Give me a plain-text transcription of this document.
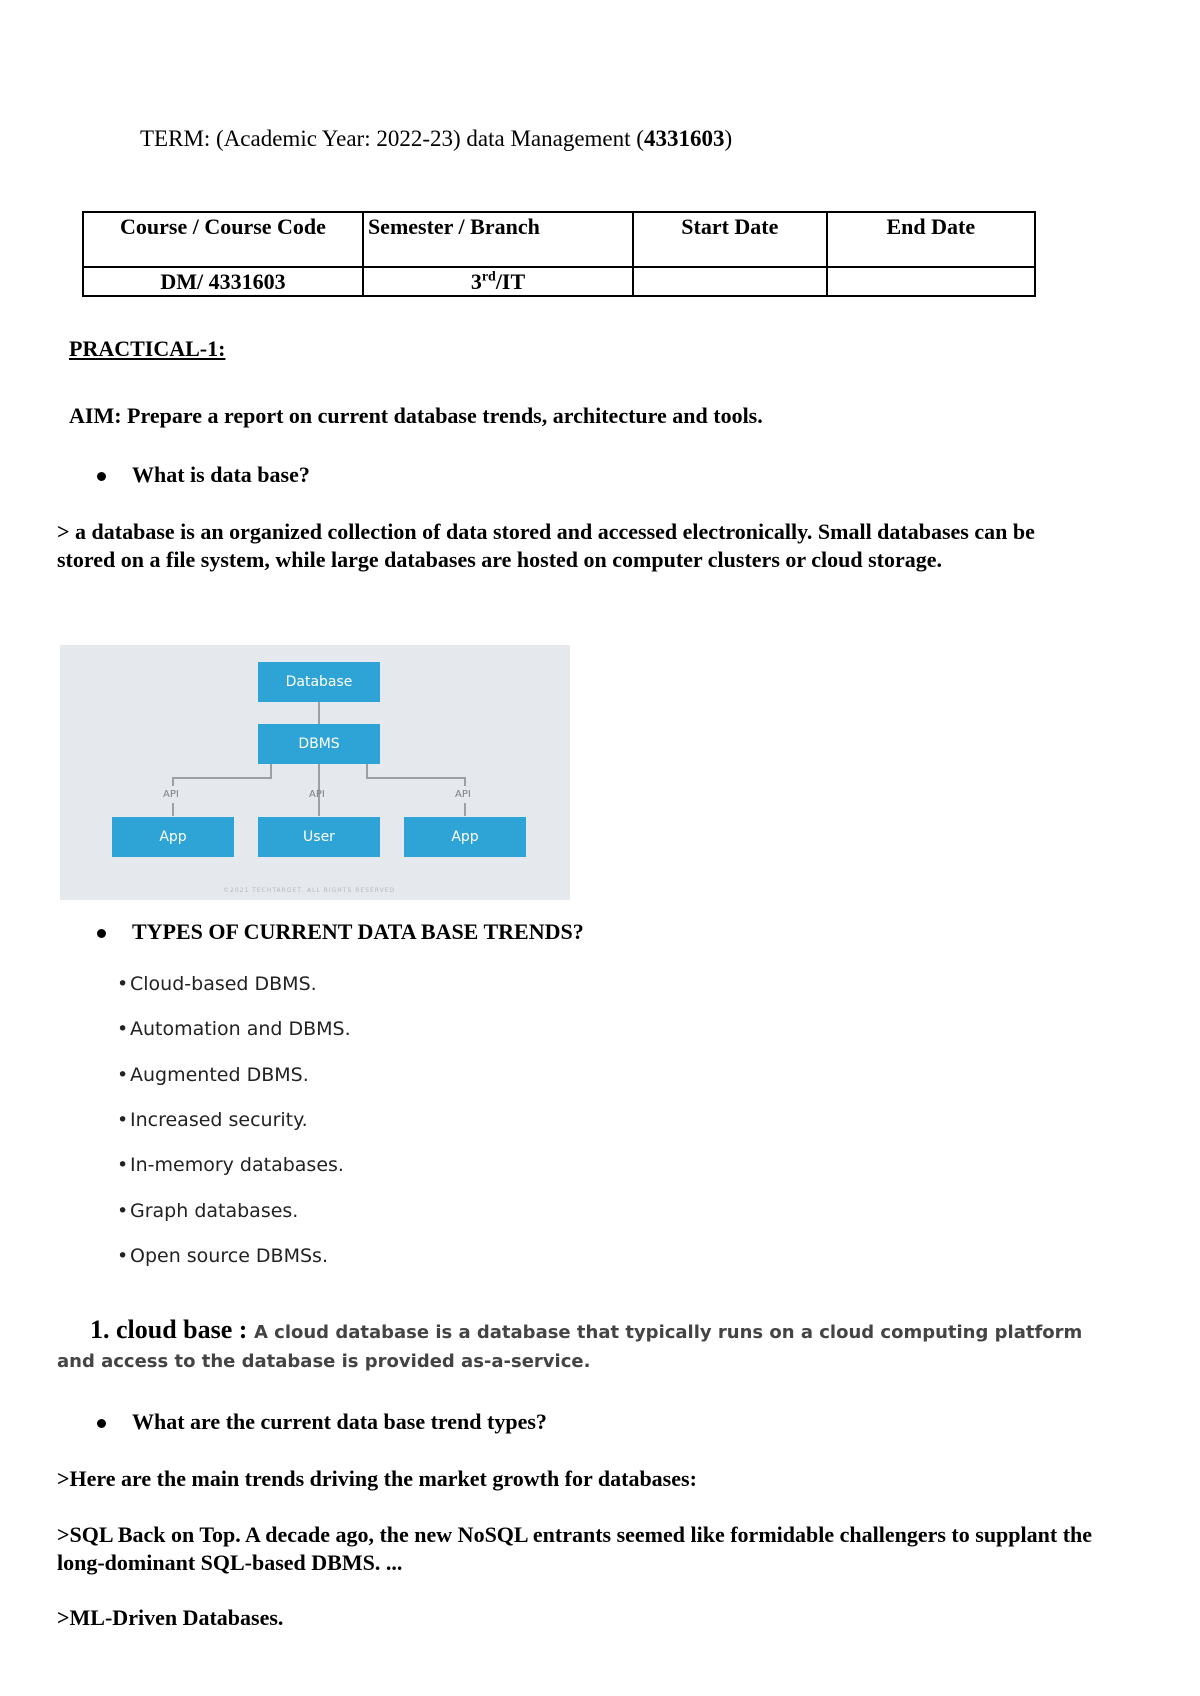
TERM: (Academic Year: 2022-23) data Management (4331603)
Course / Course Code	Semester / Branch	Start Date	End Date
DM/ 4331603	3rd/IT		
PRACTICAL-1:
AIM: Prepare a report on current database trends, architecture and tools.
What is data base?
> a database is an organized collection of data stored and accessed electronically. Small databases can be stored on a file system, while large databases are hosted on computer clusters or cloud storage.
Database
DBMS
API	API	API
App	User	App
©2021 TECHTARGET. ALL RIGHTS RESERVED
TYPES OF CURRENT DATA BASE TRENDS?
• Cloud-based DBMS.
• Automation and DBMS.
• Augmented DBMS.
• Increased security.
• In-memory databases.
• Graph databases.
• Open source DBMSs.
1. cloud base : A cloud database is a database that typically runs on a cloud computing platform and access to the database is provided as-a-service.
What are the current data base trend types?
>Here are the main trends driving the market growth for databases:
>SQL Back on Top. A decade ago, the new NoSQL entrants seemed like formidable challengers to supplant the long-dominant SQL-based DBMS. ...
>ML-Driven Databases.
